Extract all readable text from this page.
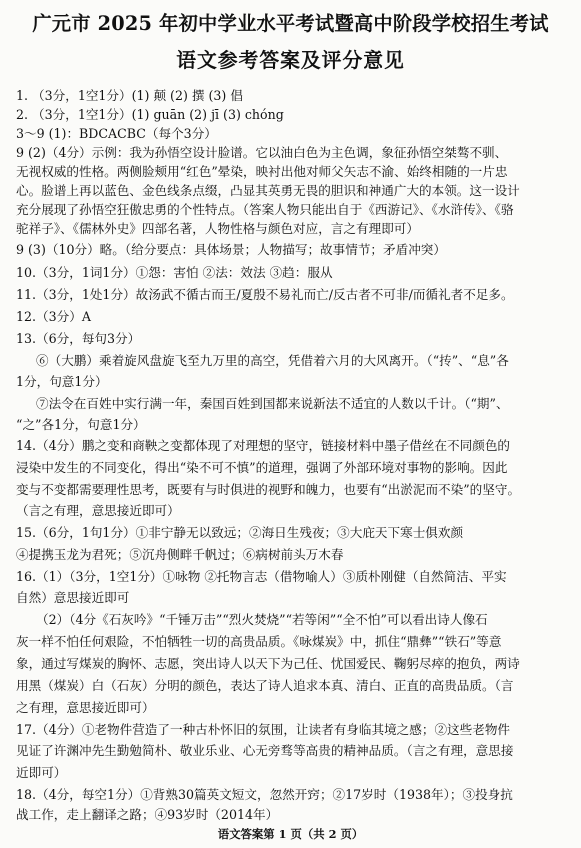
广元市 2025 年初中学业水平考试暨高中阶段学校招生考试
语文参考答案及评分意见
1. （3分，1空1分）(1) 颠 (2) 撰 (3) 倡
2. （3分，1空1分）(1) guān (2) jī (3) chóng
3～9 (1)：BDCACBC（每个3分）
9 (2)（4分）示例：我为孙悟空设计脸谱。它以油白色为主色调，象征孙悟空桀骜不驯、
无视权威的性格。两侧脸颊用“红色”晕染，映衬出他对师父矢志不渝、始终相随的一片忠
心。脸谱上再以蓝色、金色线条点缀，凸显其英勇无畏的胆识和神通广大的本领。这一设计
充分展现了孙悟空狂傲忠勇的个性特点。（答案人物只能出自于《西游记》、《水浒传》、《骆
驼祥子》、《儒林外史》四部名著，人物性格与颜色对应，言之有理即可）
9 (3)（10分）略。（给分要点：具体场景；人物描写；故事情节；矛盾冲突）
10.（3分，1词1分）①怨：害怕 ②法：效法 ③趋：服从
11.（3分，1处1分）故汤武不循古而王/夏殷不易礼而亡/反古者不可非/而循礼者不足多。
12.（3分）A
13.（6分，每句3分）
⑥（大鹏）乘着旋风盘旋飞至九万里的高空，凭借着六月的大风离开。（“抟”、“息”各
1分，句意1分）
⑦法令在百姓中实行满一年，秦国百姓到国都来说新法不适宜的人数以千计。（“期”、
“之”各1分，句意1分）
14.（4分）鹏之变和商鞅之变都体现了对理想的坚守，链接材料中墨子借丝在不同颜色的
浸染中发生的不同变化，得出“染不可不慎”的道理，强调了外部环境对事物的影响。因此
变与不变都需要理性思考，既要有与时俱进的视野和魄力，也要有“出淤泥而不染”的坚守。
（言之有理，意思接近即可）
15.（6分，1句1分）①非宁静无以致远；②海日生残夜；③大庇天下寒士俱欢颜
④提携玉龙为君死；⑤沉舟侧畔千帆过；⑥病树前头万木春
16.（1）（3分，1空1分）①咏物 ②托物言志（借物喻人）③质朴刚健（自然简洁、平实
自然）意思接近即可
（2）（4分《石灰吟》“千锤万击”“烈火焚烧”“若等闲”“全不怕”可以看出诗人像石
灰一样不怕任何艰险，不怕牺牲一切的高贵品质。《咏煤炭》中，抓住“鼎彝”“铁石”等意
象，通过写煤炭的胸怀、志愿，突出诗人以天下为己任、忧国爱民、鞠躬尽瘁的抱负，两诗
用黑（煤炭）白（石灰）分明的颜色，表达了诗人追求本真、清白、正直的高贵品质。（言
之有理，意思接近即可）
17.（4分）①老物件营造了一种古朴怀旧的氛围，让读者有身临其境之感；②这些老物件
见证了许渊冲先生勤勉简朴、敬业乐业、心无旁骛等高贵的精神品质。（言之有理，意思接
近即可）
18.（4分，每空1分）①背熟30篇英文短文，忽然开窍；②17岁时（1938年）；③投身抗
战工作，走上翻译之路；④93岁时（2014年）
语文答案第 1 页（共 2 页）
